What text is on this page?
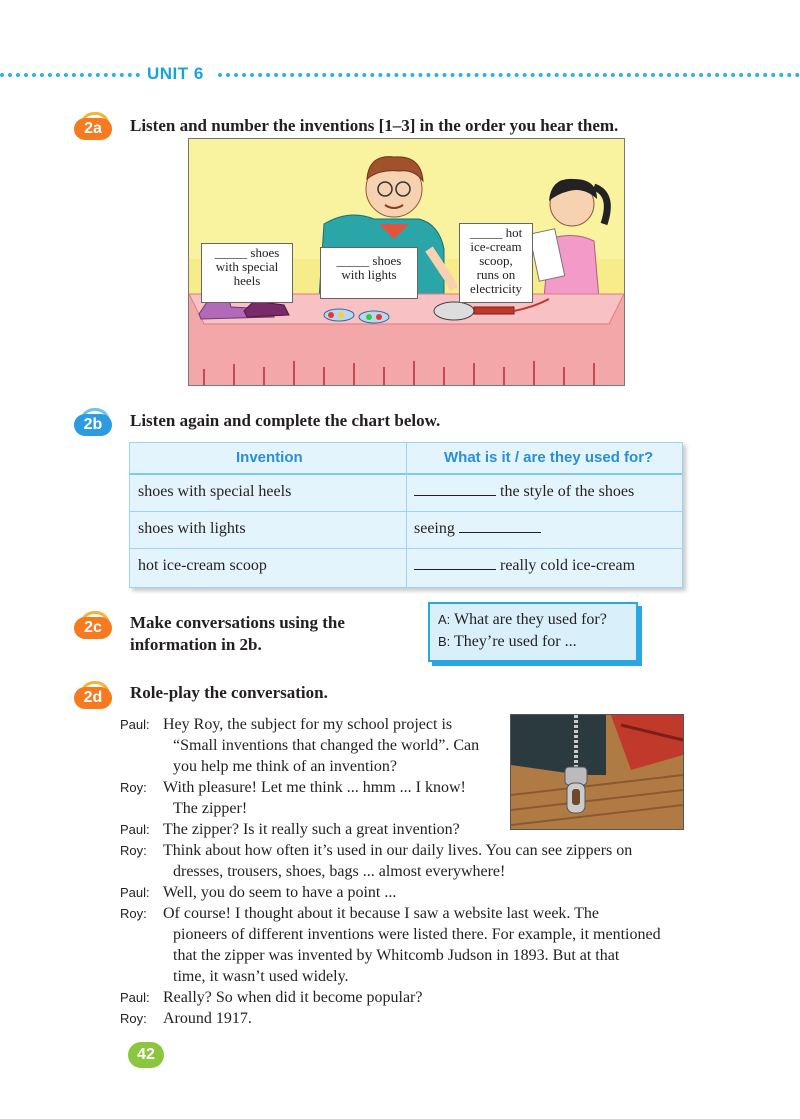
UNIT 6
2a	Listen and number the inventions [1–3] in the order you hear them.
_____ shoes
with special
heels
_____ shoes
with lights
_____ hot
ice-cream
scoop,
runs on
electricity
2b	Listen again and complete the chart below.
Invention	What is it / are they used for?
shoes with special heels	the style of the shoes
shoes with lights	seeing
hot ice-cream scoop	really cold ice-cream
2c	Make conversations using the
information in 2b.
A: What are they used for?
B: They’re used for ...
2d	Role-play the conversation.
Paul: Hey Roy, the subject for my school project is
“Small inventions that changed the world”. Can
you help me think of an invention?
Roy: With pleasure! Let me think ... hmm ... I know!
The zipper!
Paul: The zipper? Is it really such a great invention?
Roy: Think about how often it’s used in our daily lives. You can see zippers on
dresses, trousers, shoes, bags ... almost everywhere!
Paul: Well, you do seem to have a point ...
Roy: Of course! I thought about it because I saw a website last week. The
pioneers of different inventions were listed there. For example, it mentioned
that the zipper was invented by Whitcomb Judson in 1893. But at that
time, it wasn’t used widely.
Paul: Really? So when did it become popular?
Roy: Around 1917.
42
